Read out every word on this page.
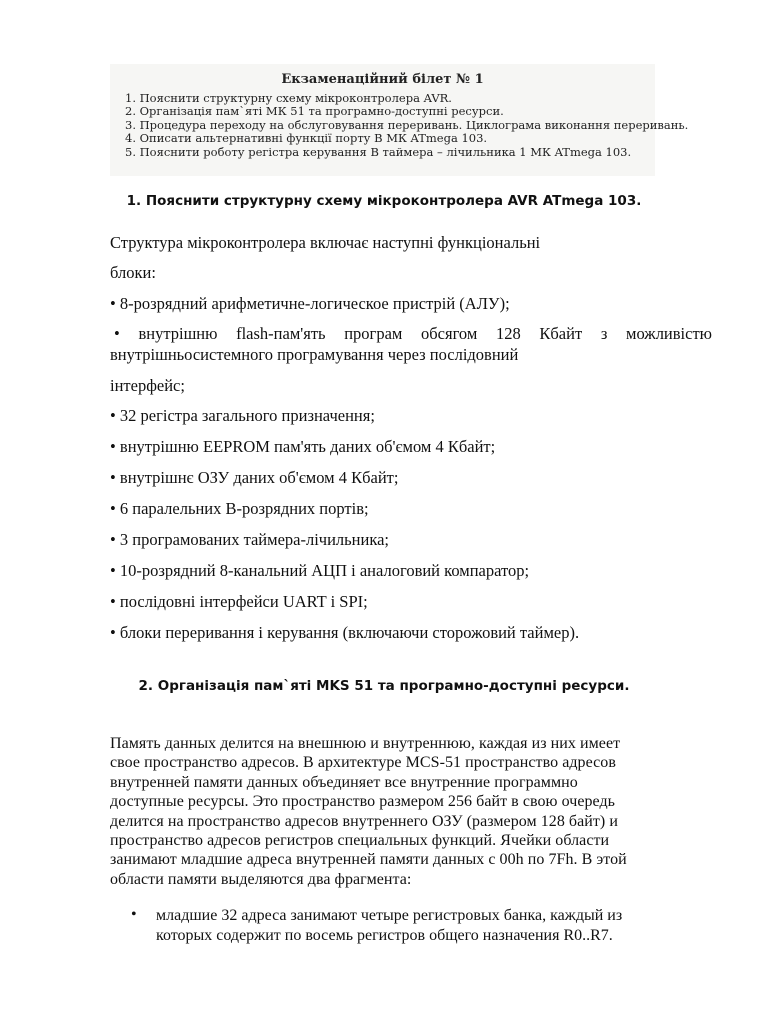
Екзаменаційний білет № 1
1. Пояснити структурну схему мікроконтролера AVR.
2. Організація пам`яті МК 51 та програмно-доступні ресурси.
3. Процедура переходу на обслуговування переривань. Циклограма виконання переривань.
4. Описати альтернативні функції порту В МК ATmega 103.
5. Пояснити роботу регістра керування В таймера – лічильника 1 МК ATmega 103.
1. Пояснити структурну схему мікроконтролера AVR ATmega 103.
Структура мікроконтролера включає наступні функціональні
блоки:
• 8-розрядний арифметичне-логическое пристрій (АЛУ);
• внутрішню flash-пам'ять програм обсягом 128 Кбайт з можливістю
внутрішньосистемного програмування через послідовний
інтерфейс;
• 32 регістра загального призначення;
• внутрішню EEPROM пам'ять даних об'ємом 4 Кбайт;
• внутрішнє ОЗУ даних об'ємом 4 Кбайт;
• 6 паралельних В-розрядних портів;
• 3 програмованих таймера-лічильника;
• 10-розрядний 8-канальний АЦП і аналоговий компаратор;
• послідовні інтерфейси UART і SPI;
• блоки переривання і керування (включаючи сторожовий таймер).
2. Організація пам`яті MKS 51 та програмно-доступні ресурси.
Память данных делится на внешнюю и внутреннюю, каждая из них имеет
свое пространство адресов. В архитектуре MCS-51 пространство адресов
внутренней памяти данных объединяет все внутренние программно
доступные ресурсы. Это пространство размером 256 байт в свою очередь
делится на пространство адресов внутреннего ОЗУ (размером 128 байт) и
пространство адресов регистров специальных функций. Ячейки области
занимают младшие адреса внутренней памяти данных с 00h по 7Fh. В этой
области памяти выделяются два фрагмента:
• младшие 32 адреса занимают четыре регистровых банка, каждый из
которых содержит по восемь регистров общего назначения R0..R7.
